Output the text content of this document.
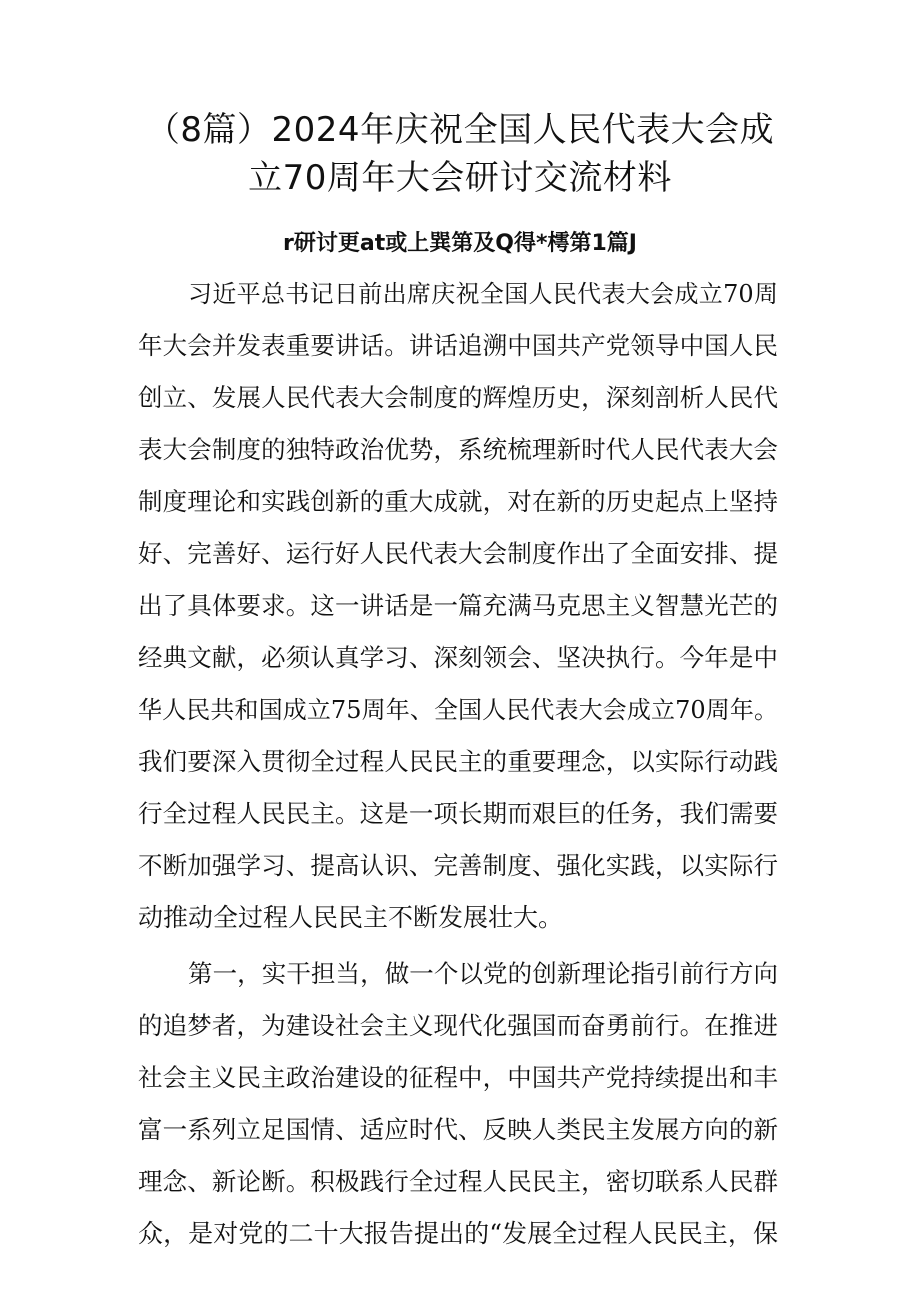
（8篇）2024年庆祝全国人民代表大会成
立70周年大会研讨交流材料
r研讨更at或上巽第及Q得*樗第1篇J
习近平总书记日前出席庆祝全国人民代表大会成立70周
年大会并发表重要讲话。讲话追溯中国共产党领导中国人民
创立、发展人民代表大会制度的辉煌历史，深刻剖析人民代
表大会制度的独特政治优势，系统梳理新时代人民代表大会
制度理论和实践创新的重大成就，对在新的历史起点上坚持
好、完善好、运行好人民代表大会制度作出了全面安排、提
出了具体要求。这一讲话是一篇充满马克思主义智慧光芒的
经典文献，必须认真学习、深刻领会、坚决执行。今年是中
华人民共和国成立75周年、全国人民代表大会成立70周年。
我们要深入贯彻全过程人民民主的重要理念，以实际行动践
行全过程人民民主。这是一项长期而艰巨的任务，我们需要
不断加强学习、提高认识、完善制度、强化实践，以实际行
动推动全过程人民民主不断发展壮大。
第一，实干担当，做一个以党的创新理论指引前行方向
的追梦者，为建设社会主义现代化强国而奋勇前行。在推进
社会主义民主政治建设的征程中，中国共产党持续提出和丰
富一系列立足国情、适应时代、反映人类民主发展方向的新
理念、新论断。积极践行全过程人民民主，密切联系人民群
众，是对党的二十大报告提出的“发展全过程人民民主，保
